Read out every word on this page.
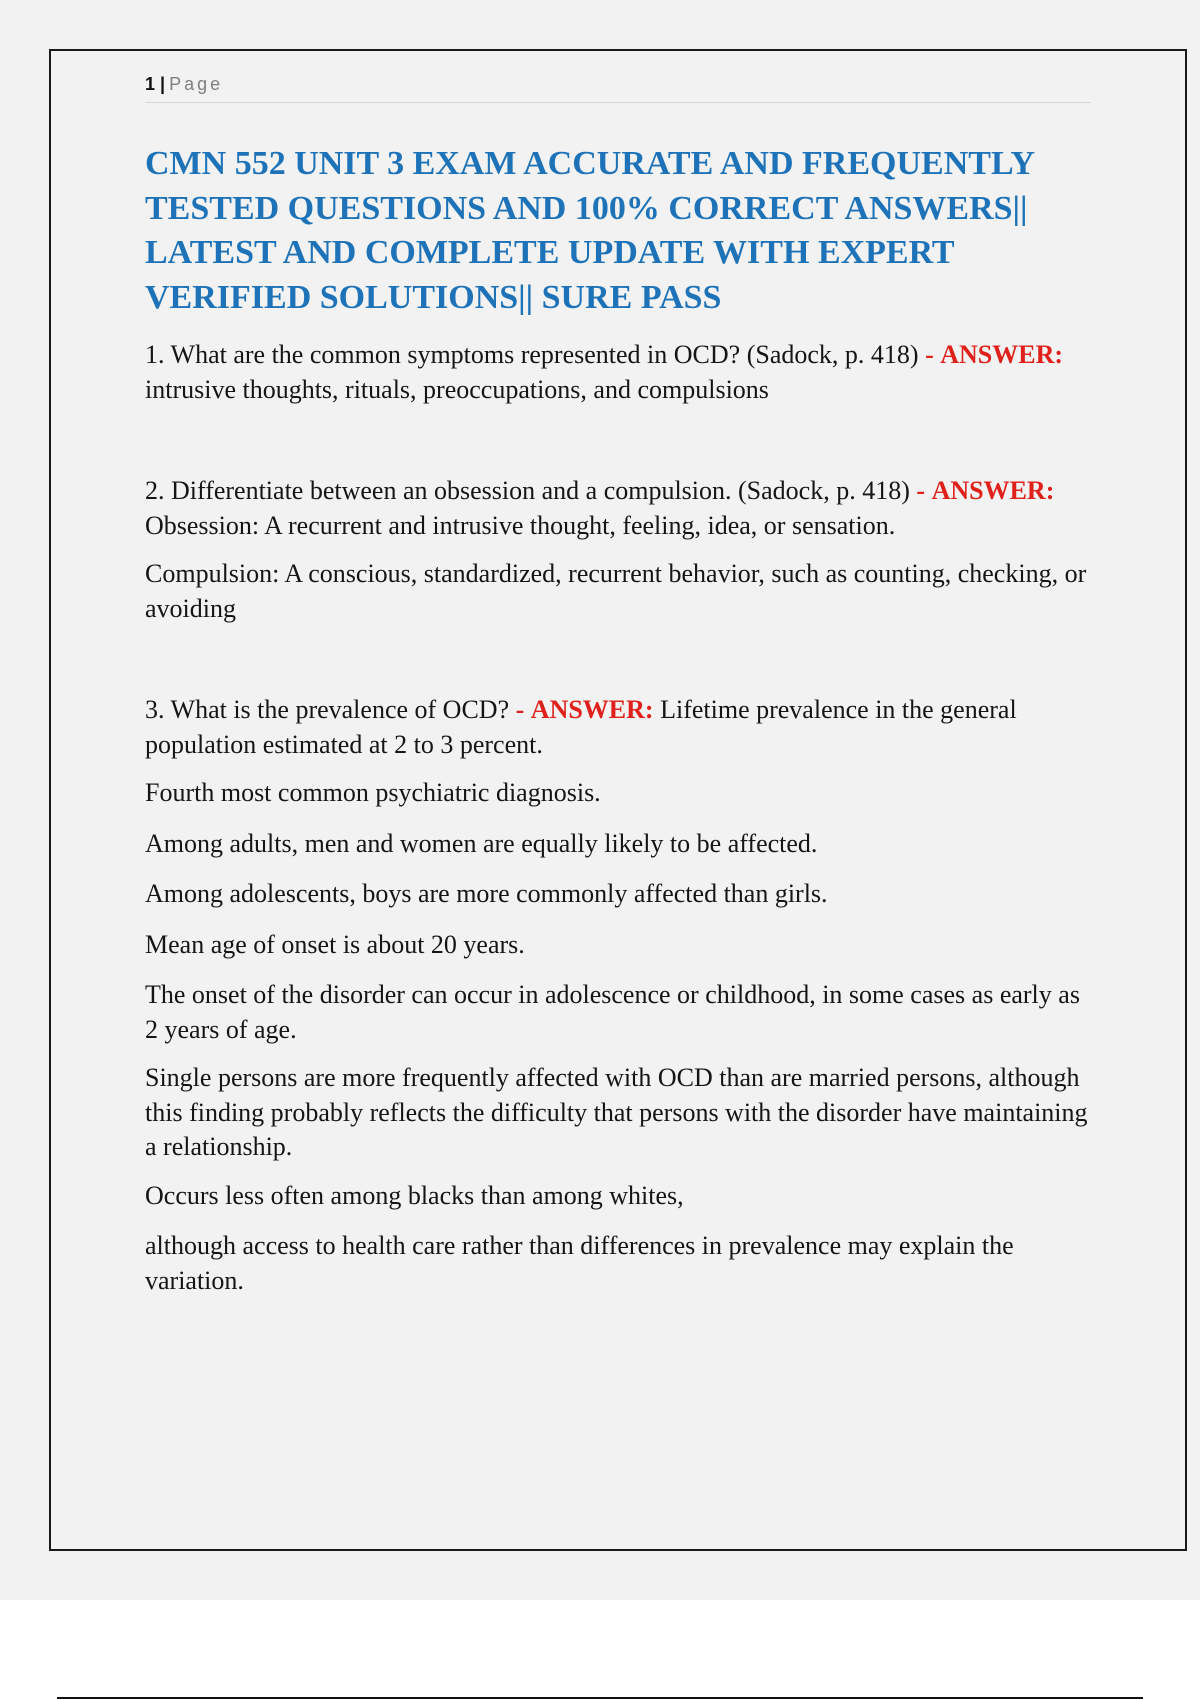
1 | Page
CMN 552 UNIT 3 EXAM ACCURATE AND FREQUENTLY TESTED QUESTIONS AND 100% CORRECT ANSWERS|| LATEST AND COMPLETE UPDATE WITH EXPERT VERIFIED SOLUTIONS|| SURE PASS

1. What are the common symptoms represented in OCD? (Sadock, p. 418) - ANSWER: intrusive thoughts, rituals, preoccupations, and compulsions

2. Differentiate between an obsession and a compulsion. (Sadock, p. 418) - ANSWER: Obsession: A recurrent and intrusive thought, feeling, idea, or sensation.

Compulsion: A conscious, standardized, recurrent behavior, such as counting, checking, or avoiding

3. What is the prevalence of OCD? - ANSWER: Lifetime prevalence in the general population estimated at 2 to 3 percent.

Fourth most common psychiatric diagnosis.

Among adults, men and women are equally likely to be affected.

Among adolescents, boys are more commonly affected than girls.

Mean age of onset is about 20 years.

The onset of the disorder can occur in adolescence or childhood, in some cases as early as 2 years of age.

Single persons are more frequently affected with OCD than are married persons, although this finding probably reflects the difficulty that persons with the disorder have maintaining a relationship.

Occurs less often among blacks than among whites,

although access to health care rather than differences in prevalence may explain the variation.
